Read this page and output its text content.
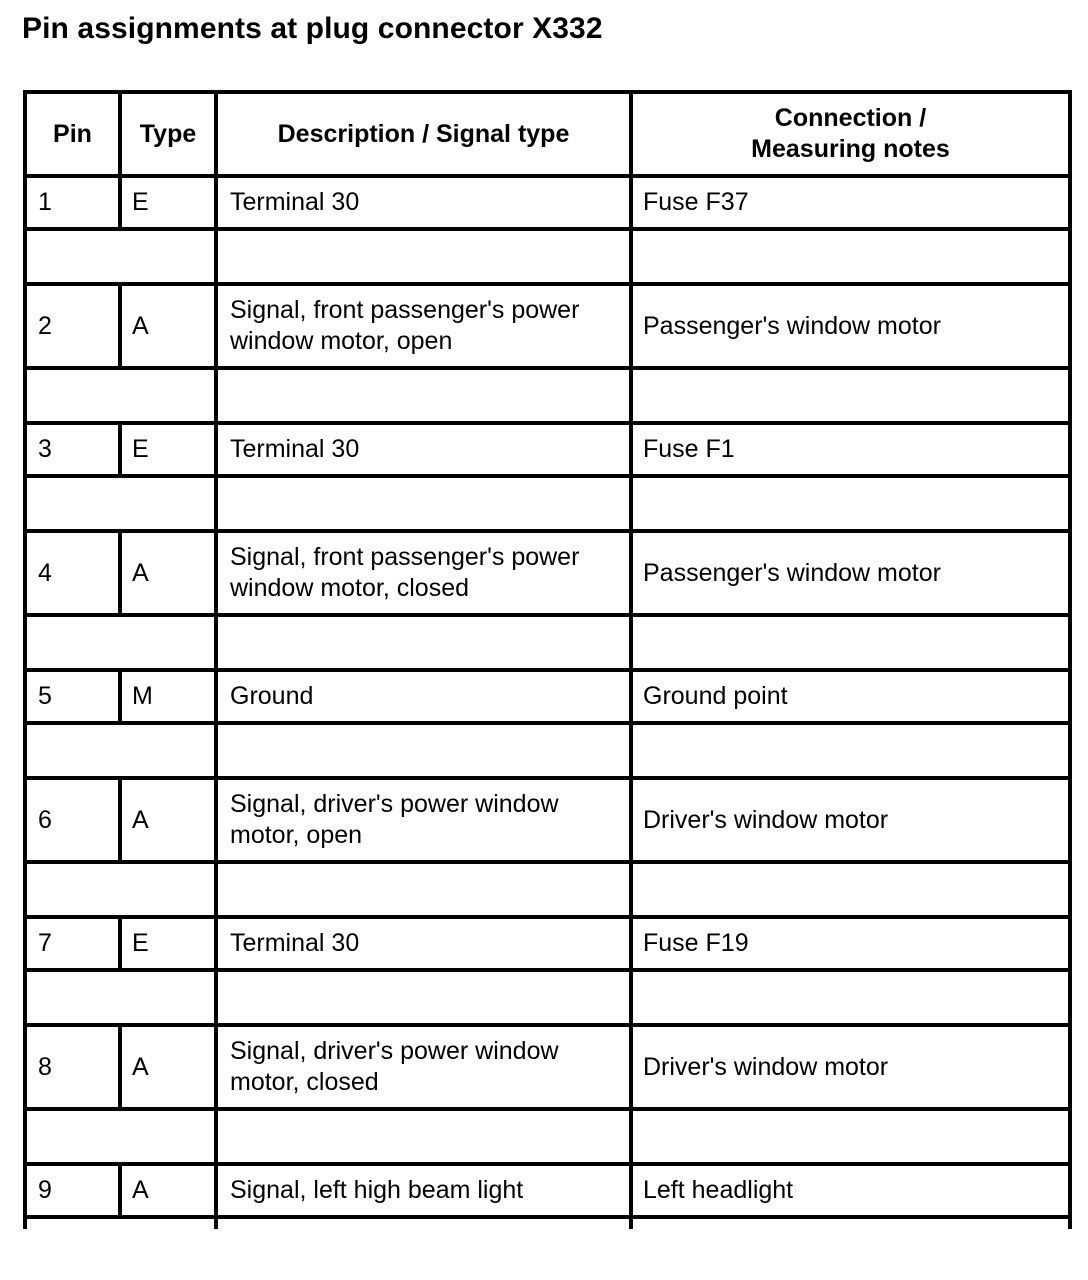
Pin assignments at plug connector X332
Pin	Type	Description / Signal type	Connection /
Measuring notes
1	E	Terminal 30	Fuse F37

2	A	Signal, front passenger's power
window motor, open	Passenger's window motor

3	E	Terminal 30	Fuse F1

4	A	Signal, front passenger's power
window motor, closed	Passenger's window motor

5	M	Ground	Ground point

6	A	Signal, driver's power window
motor, open	Driver's window motor

7	E	Terminal 30	Fuse F19

8	A	Signal, driver's power window
motor, closed	Driver's window motor

9	A	Signal, left high beam light	Left headlight
